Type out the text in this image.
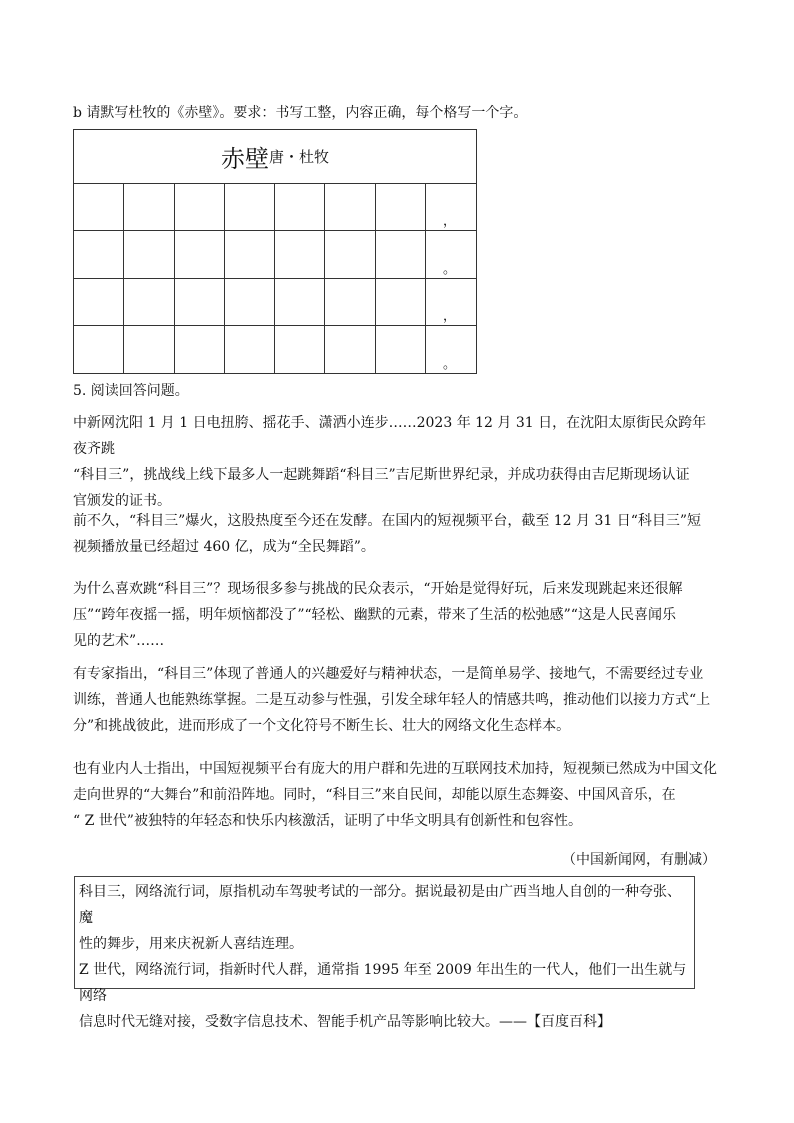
b 请默写杜牧的《赤壁》。要求：书写工整，内容正确，每个格写一个字。
赤壁 唐・杜牧
，
。
，
。
5. 阅读回答问题。
中新网沈阳 1 月 1 日电扭胯、摇花手、潇洒小连步……2023 年 12 月 31 日，在沈阳太原街民众跨年夜齐跳
“科目三”，挑战线上线下最多人一起跳舞蹈“科目三”吉尼斯世界纪录，并成功获得由吉尼斯现场认证
官颁发的证书。
前不久，“科目三”爆火，这股热度至今还在发酵。在国内的短视频平台，截至 12 月 31 日“科目三”短
视频播放量已经超过 460 亿，成为“全民舞蹈”。
为什么喜欢跳“科目三”？现场很多参与挑战的民众表示，“开始是觉得好玩，后来发现跳起来还很解
压”“跨年夜摇一摇，明年烦恼都没了”“轻松、幽默的元素，带来了生活的松弛感”“这是人民喜闻乐
见的艺术”……
有专家指出，“科目三”体现了普通人的兴趣爱好与精神状态，一是简单易学、接地气，不需要经过专业
训练，普通人也能熟练掌握。二是互动参与性强，引发全球年轻人的情感共鸣，推动他们以接力方式“上
分”和挑战彼此，进而形成了一个文化符号不断生长、壮大的网络文化生态样本。
也有业内人士指出，中国短视频平台有庞大的用户群和先进的互联网技术加持，短视频已然成为中国文化
走向世界的“大舞台”和前沿阵地。同时，“科目三”来自民间，却能以原生态舞姿、中国风音乐，在
“ Z 世代”被独特的年轻态和快乐内核激活，证明了中华文明具有创新性和包容性。
（中国新闻网，有删减）

科目三，网络流行词，原指机动车驾驶考试的一部分。据说最初是由广西当地人自创的一种夸张、魔

性的舞步，用来庆祝新人喜结连理。

Z 世代，网络流行词，指新时代人群，通常指 1995 年至 2009 年出生的一代人，他们一出生就与网络

信息时代无缝对接，受数字信息技术、智能手机产品等影响比较大。——【百度百科】
